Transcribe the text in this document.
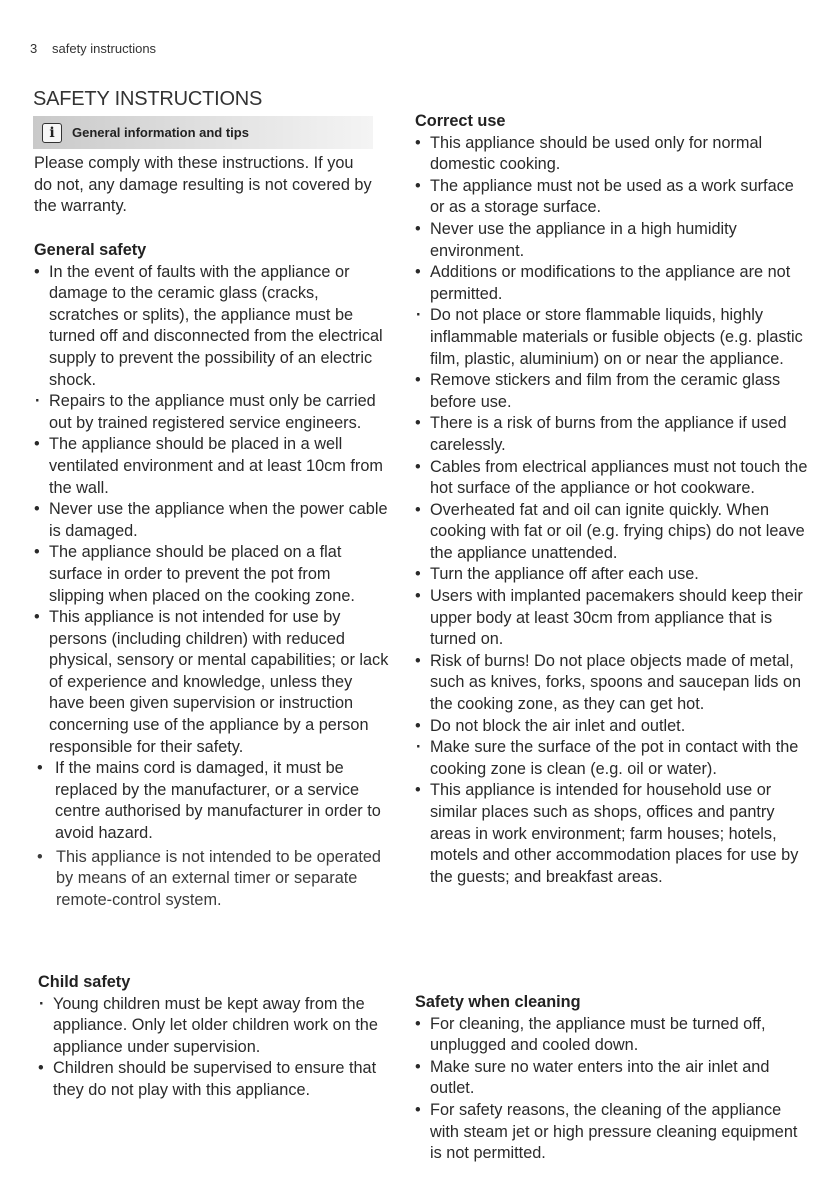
3 safety instructions
SAFETY INSTRUCTIONS
i	General information and tips

Please comply with these instructions. If you do not, any damage resulting is not covered by the warranty.

General safety
• In the event of faults with the appliance or damage to the ceramic glass (cracks, scratches or splits), the appliance must be turned off and disconnected from the electrical supply to prevent the possibility of an electric shock.
· Repairs to the appliance must only be carried out by trained registered service engineers.
• The appliance should be placed in a well ventilated environment and at least 10cm from the wall.
• Never use the appliance when the power cable is damaged.
• The appliance should be placed on a flat surface in order to prevent the pot from slipping when placed on the cooking zone.
• This appliance is not intended for use by persons (including children) with reduced physical, sensory or mental capabilities; or lack of experience and knowledge, unless they have been given supervision or instruction concerning use of the appliance by a person responsible for their safety.
• If the mains cord is damaged, it must be replaced by the manufacturer, or a service centre authorised by manufacturer in order to avoid hazard.
• This appliance is not intended to be operated by means of an external timer or separate remote-control system.
Child safety
· Young children must be kept away from the appliance. Only let older children work on the appliance under supervision.
• Children should be supervised to ensure that they do not play with this appliance.
Correct use
• This appliance should be used only for normal domestic cooking.
• The appliance must not be used as a work surface or as a storage surface.
• Never use the appliance in a high humidity environment.
• Additions or modifications to the appliance are not permitted.
· Do not place or store flammable liquids, highly inflammable materials or fusible objects (e.g. plastic film, plastic, aluminium) on or near the appliance.
• Remove stickers and film from the ceramic glass before use.
• There is a risk of burns from the appliance if used carelessly.
• Cables from electrical appliances must not touch the hot surface of the appliance or hot cookware.
• Overheated fat and oil can ignite quickly. When cooking with fat or oil (e.g. frying chips) do not leave the appliance unattended.
• Turn the appliance off after each use.
• Users with implanted pacemakers should keep their upper body at least 30cm from appliance that is turned on.
• Risk of burns! Do not place objects made of metal, such as knives, forks, spoons and saucepan lids on the cooking zone, as they can get hot.
• Do not block the air inlet and outlet.
· Make sure the surface of the pot in contact with the cooking zone is clean (e.g. oil or water).
• This appliance is intended for household use or similar places such as shops, offices and pantry areas in work environment; farm houses; hotels, motels and other accommodation places for use by the guests; and breakfast areas.
Safety when cleaning
• For cleaning, the appliance must be turned off, unplugged and cooled down.
• Make sure no water enters into the air inlet and outlet.
• For safety reasons, the cleaning of the appliance with steam jet or high pressure cleaning equipment is not permitted.
